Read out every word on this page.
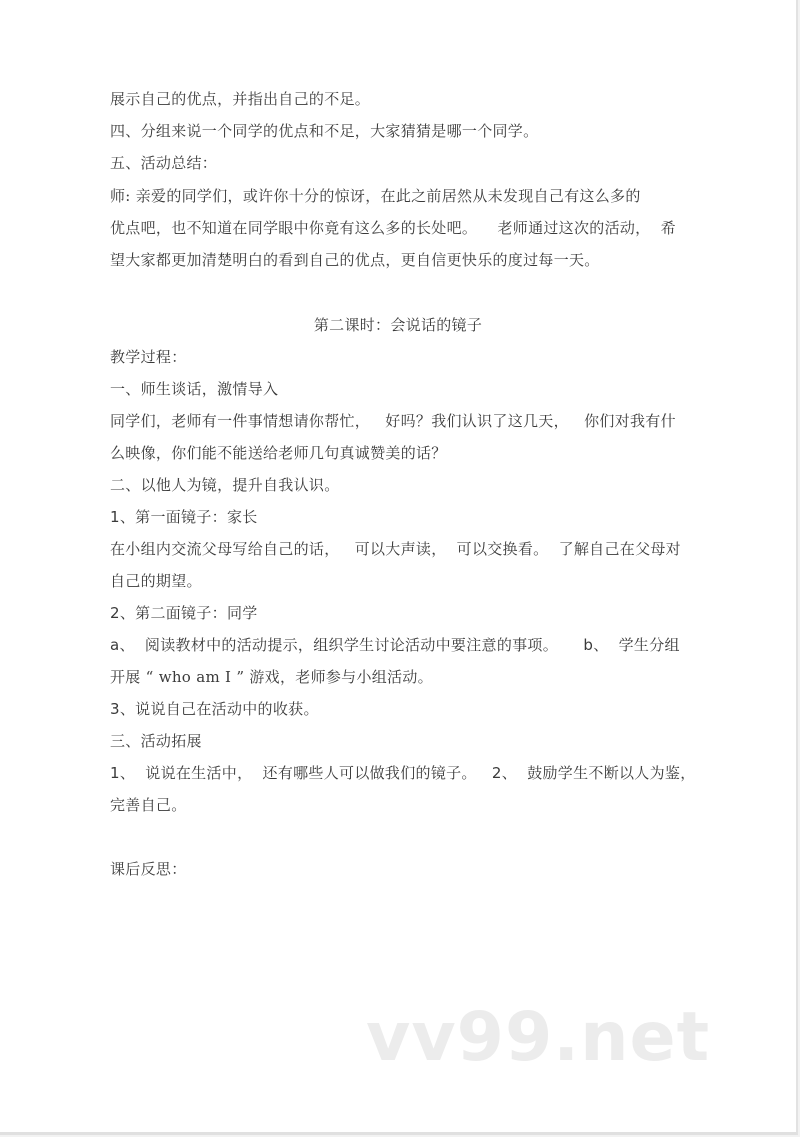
展示自己的优点，并指出自己的不足。
四、分组来说一个同学的优点和不足，大家猜猜是哪一个同学。
五、活动总结：
师: 亲爱的同学们，或许你十分的惊讶，在此之前居然从未发现自己有这么多的
优点吧，也不知道在同学眼中你竟有这么多的长处吧。    老师通过这次的活动，  希
望大家都更加清楚明白的看到自己的优点，更自信更快乐的度过每一天。
第二课时：会说话的镜子
教学过程：
一、师生谈话，激情导入
同学们，老师有一件事情想请你帮忙，   好吗？我们认识了这几天，   你们对我有什
么映像，你们能不能送给老师几句真诚赞美的话？
二、以他人为镜，提升自我认识。
1、第一面镜子：家长
在小组内交流父母写给自己的话，   可以大声读，  可以交换看。  了解自己在父母对
自己的期望。
2、第二面镜子：同学
a、  阅读教材中的活动提示，组织学生讨论活动中要注意的事项。     b、  学生分组
开展 “ who am I ” 游戏，老师参与小组活动。
3、说说自己在活动中的收获。
三、活动拓展
1、  说说在生活中，  还有哪些人可以做我们的镜子。   2、  鼓励学生不断以人为鉴，
完善自己。
课后反思：
vv99.net
